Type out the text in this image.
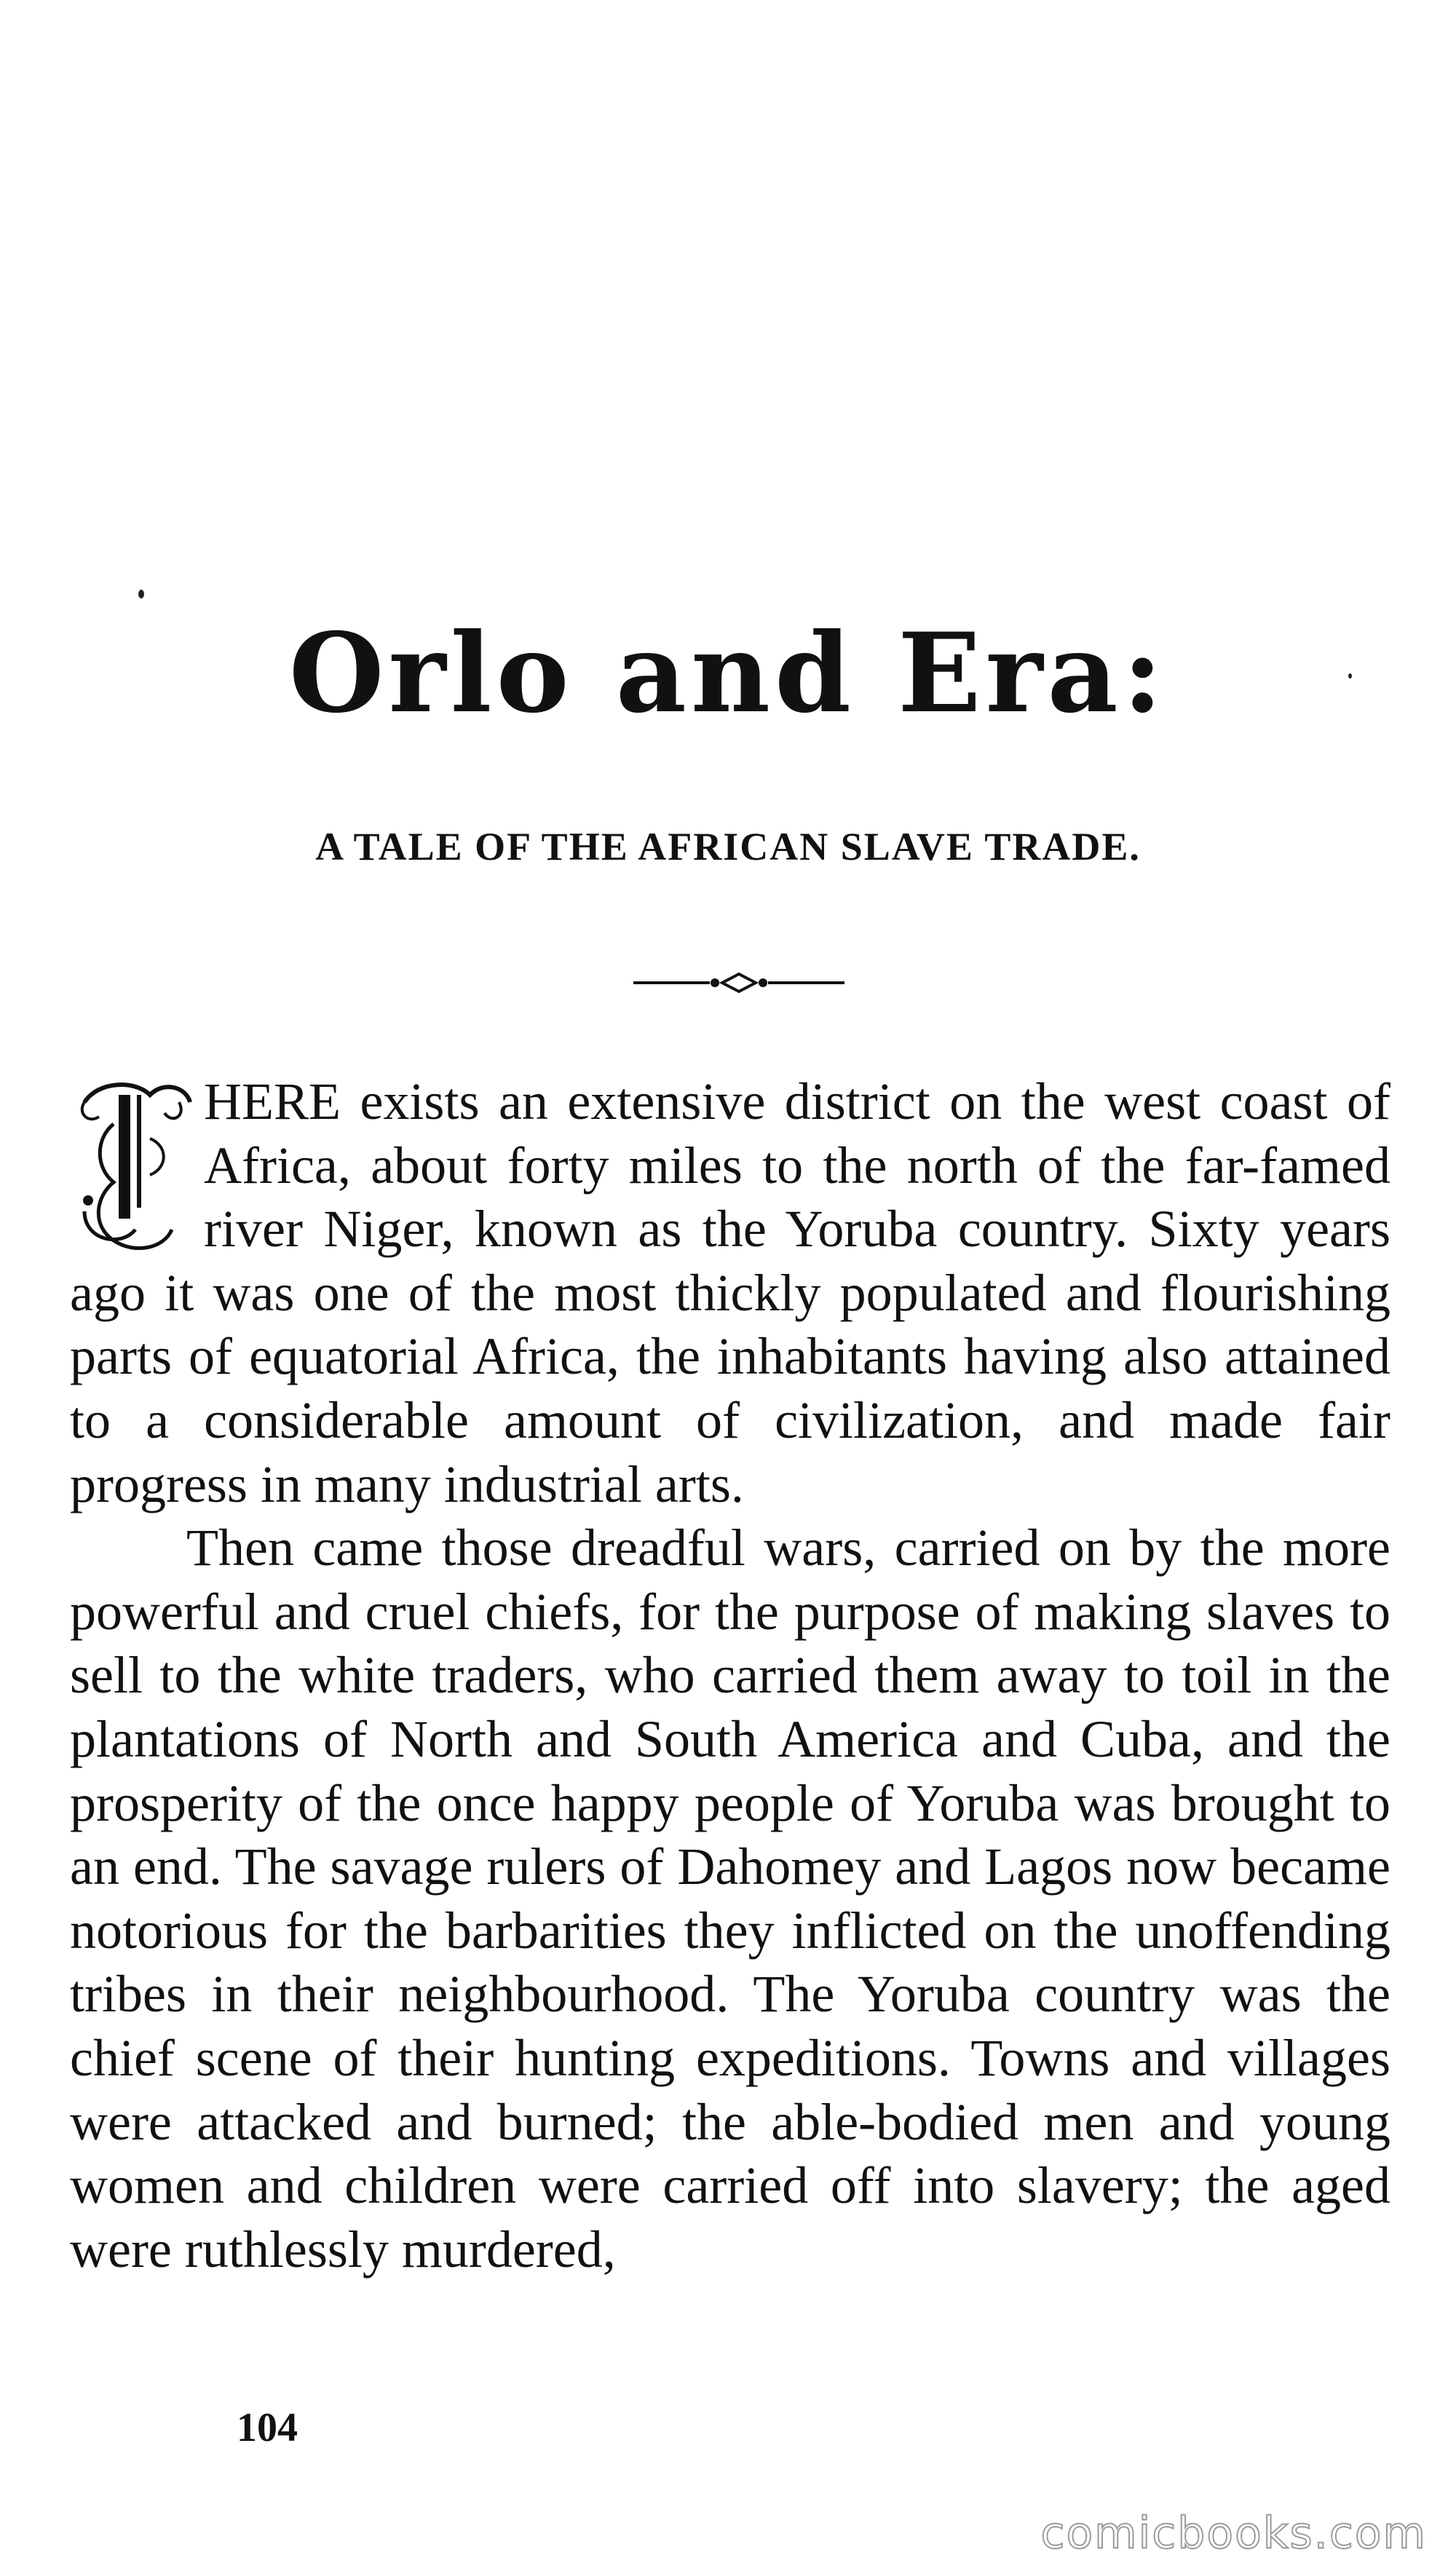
Orlo and Era:
A TALE OF THE AFRICAN SLAVE TRADE.

HERE exists an extensive district on the west coast of Africa, about forty miles to the north of the far-famed river Niger, known as the Yoruba country. Sixty years ago it was one of the most thickly populated and flourishing parts of equatorial Africa, the inhabitants having also attained to a considerable amount of civilization, and made fair progress in many industrial arts.

Then came those dreadful wars, carried on by the more powerful and cruel chiefs, for the purpose of making slaves to sell to the white traders, who carried them away to toil in the plantations of North and South America and Cuba, and the prosperity of the once happy people of Yoruba was brought to an end. The savage rulers of Dahomey and Lagos now became notorious for the barbarities they inflicted on the unoffending tribes in their neighbourhood. The Yoruba country was the chief scene of their hunting expeditions. Towns and villages were attacked and burned; the able-bodied men and young women and children were carried off into slavery; the aged were ruthlessly murdered,

104
comicbooks.com
